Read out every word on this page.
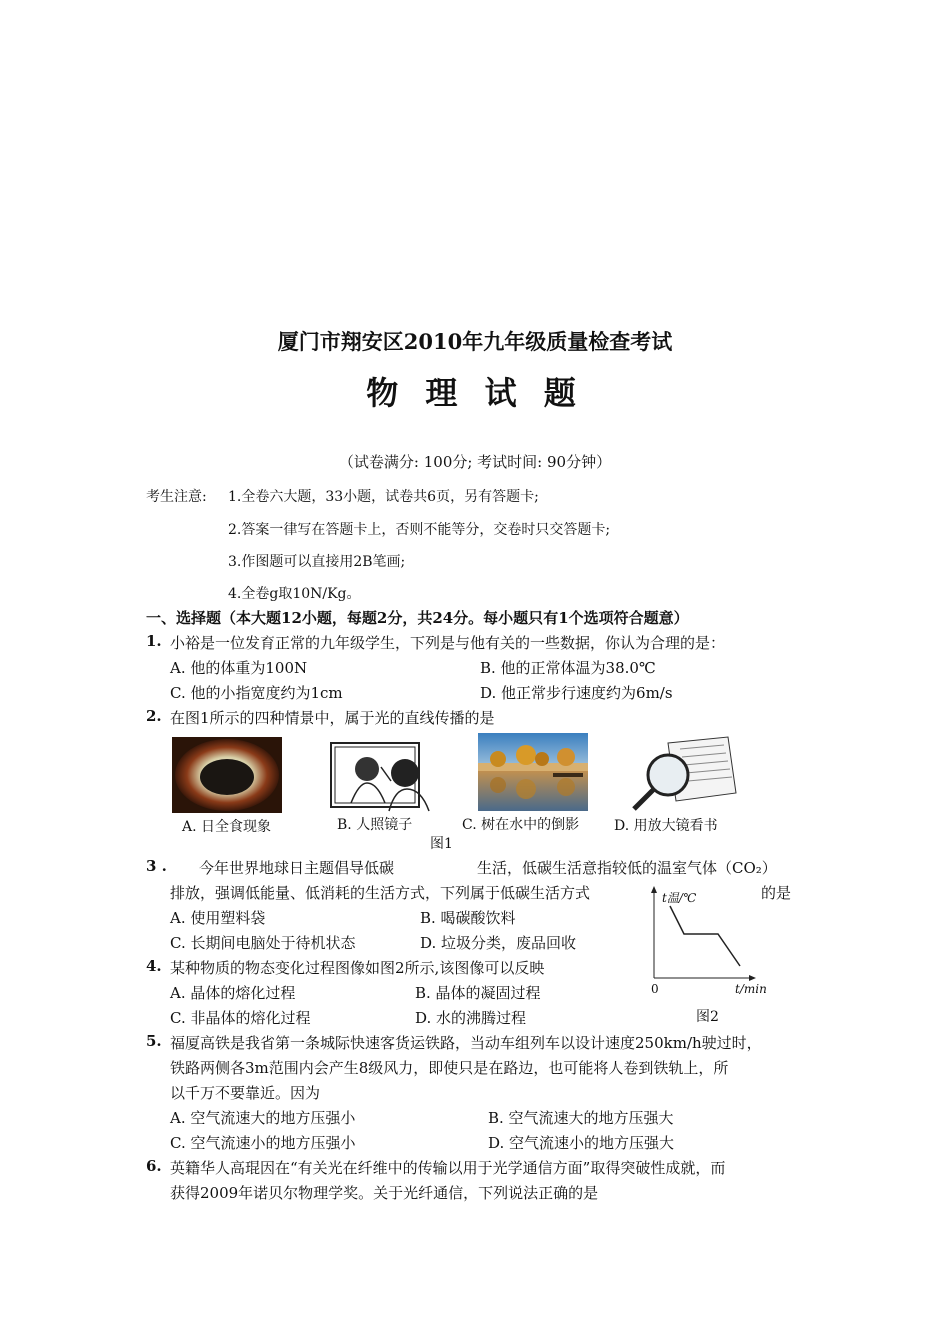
厦门市翔安区2010年九年级质量检查考试
物 理 试 题
（试卷满分: 100分; 考试时间: 90分钟）
考生注意: 1.全卷六大题，33小题，试卷共6页，另有答题卡;
2.答案一律写在答题卡上，否则不能等分，交卷时只交答题卡;
3.作图题可以直接用2B笔画;
4.全卷g取10N/Kg。
一、选择题（本大题12小题，每题2分，共24分。每小题只有1个选项符合题意）
1. 小裕是一位发育正常的九年级学生，下列是与他有关的一些数据，你认为合理的是：
A. 他的体重为100N	B. 他的正常体温为38.0℃
C. 他的小指宽度约为1cm	D. 他正常步行速度约为6m/s
2. 在图1所示的四种情景中，属于光的直线传播的是
A. 日全食现象	B. 人照镜子
图1
C. 树在水中的倒影	D. 用放大镜看书
3 . 今年世界地球日主题倡导低碳	生活，低碳生活意指较低的温室气体（CO₂）
排放，强调低能量、低消耗的生活方式，下列属于低碳生活方式	的是
A. 使用塑料袋	B. 喝碳酸饮料
C. 长期间电脑处于待机状态	D. 垃圾分类，废品回收
4. 某种物质的物态变化过程图像如图2所示,该图像可以反映
A. 晶体的熔化过程	B. 晶体的凝固过程
C. 非晶体的熔化过程	D. 水的沸腾过程
t温/℃
0	t/min
图2
5. 福厦高铁是我省第一条城际快速客货运铁路，当动车组列车以设计速度250km/h驶过时，
铁路两侧各3m范围内会产生8级风力，即使只是在路边，也可能将人卷到铁轨上，所
以千万不要靠近。因为
A. 空气流速大的地方压强小	B. 空气流速大的地方压强大
C. 空气流速小的地方压强小	D. 空气流速小的地方压强大
6. 英籍华人高琨因在“有关光在纤维中的传输以用于光学通信方面”取得突破性成就，而
获得2009年诺贝尔物理学奖。关于光纤通信，下列说法正确的是
